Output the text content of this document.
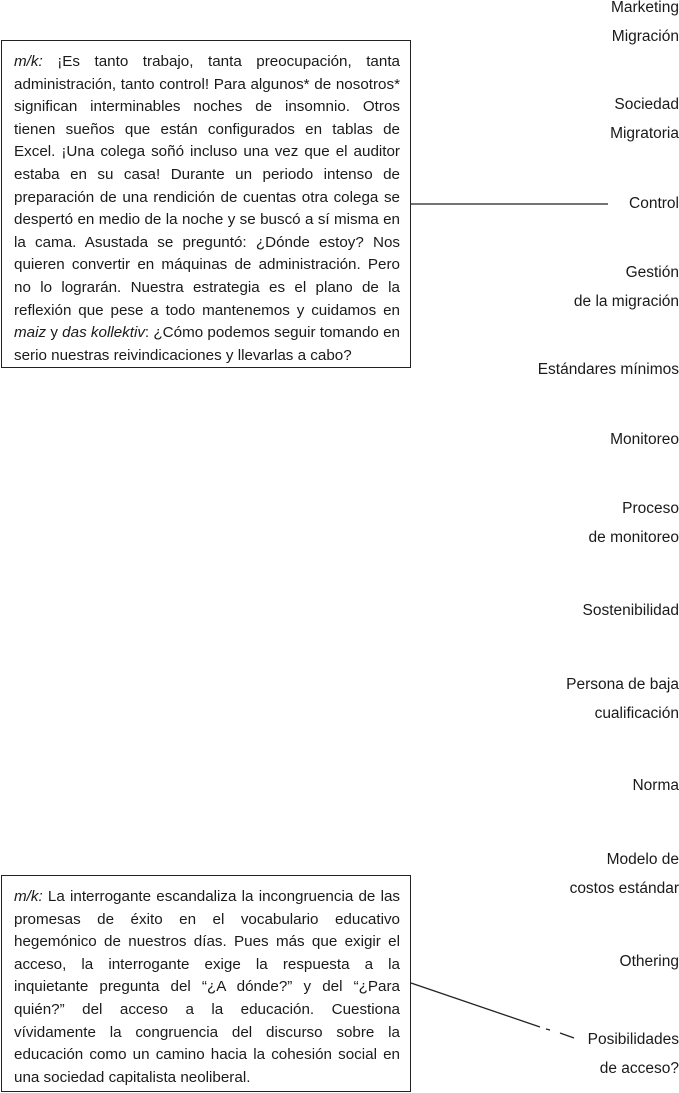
m/k: ¡Es tanto trabajo, tanta preocupación, tanta administración, tanto control! Para algunos* de nosotros* significan interminables noches de insomnio. Otros tienen sueños que están configurados en tablas de Excel. ¡Una colega soñó incluso una vez que el auditor estaba en su casa! Durante un periodo intenso de preparación de una rendición de cuentas otra colega se despertó en medio de la noche y se buscó a sí misma en la cama. Asustada se preguntó: ¿Dónde estoy? Nos quieren convertir en máquinas de administración. Pero no lo lograrán. Nuestra estrategia es el plano de la reflexión que pese a todo mantenemos y cuidamos en maiz y das kollektiv: ¿Cómo podemos seguir tomando en serio nuestras reivindicaciones y llevarlas a cabo?
m/k: La interrogante escandaliza la incongruencia de las promesas de éxito en el vocabulario educativo hegemónico de nuestros días. Pues más que exigir el acceso, la interrogante exige la respuesta a la inquietante pregunta del “¿A dónde?” y del “¿Para quién?” del acceso a la educación. Cuestiona vívidamente la congruencia del discurso sobre la educación como un camino hacia la cohesión social en una sociedad capitalista neoliberal.
Marketing
Migración
Sociedad
Migratoria
Control
Gestión
de la migración
Estándares mínimos
Monitoreo
Proceso
de monitoreo
Sostenibilidad
Persona de baja
cualificación
Norma
Modelo de
costos estándar
Othering
Posibilidades
de acceso?
